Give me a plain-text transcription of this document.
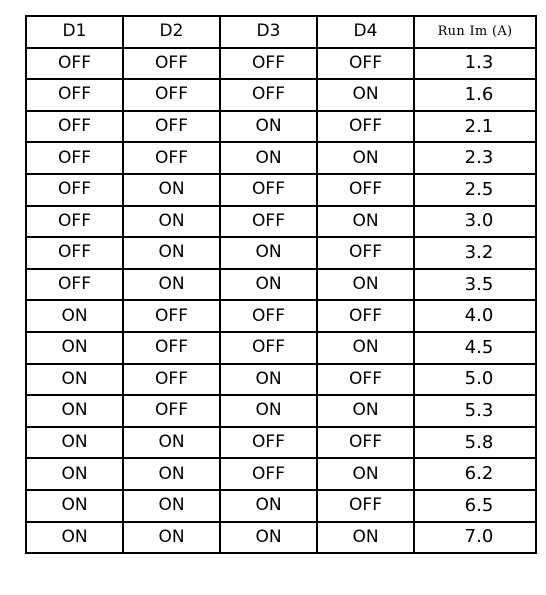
D1	D2	D3	D4	Run Im (A)
OFF	OFF	OFF	OFF	1.3
OFF	OFF	OFF	ON	1.6
OFF	OFF	ON	OFF	2.1
OFF	OFF	ON	ON	2.3
OFF	ON	OFF	OFF	2.5
OFF	ON	OFF	ON	3.0
OFF	ON	ON	OFF	3.2
OFF	ON	ON	ON	3.5
ON	OFF	OFF	OFF	4.0
ON	OFF	OFF	ON	4.5
ON	OFF	ON	OFF	5.0
ON	OFF	ON	ON	5.3
ON	ON	OFF	OFF	5.8
ON	ON	OFF	ON	6.2
ON	ON	ON	OFF	6.5
ON	ON	ON	ON	7.0
